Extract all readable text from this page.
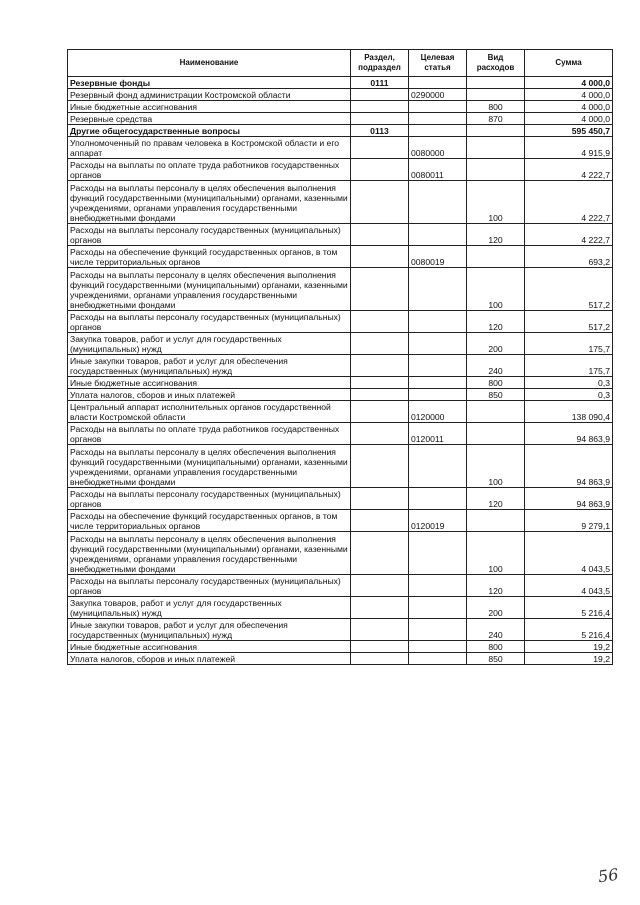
Наименование	Раздел, подраздел	Целевая статья	Вид расходов	Сумма
Резервные фонды	0111			4 000,0
Резервный фонд администрации Костромской области		0290000		4 000,0
Иные бюджетные ассигнования			800	4 000,0
Резервные средства			870	4 000,0
Другие общегосударственные вопросы	0113			595 450,7
Уполномоченный по правам человека в Костромской области и его аппарат		0080000		4 915,9
Расходы на выплаты по оплате труда работников государственных органов		0080011		4 222,7
Расходы на выплаты персоналу в целях обеспечения выполнения функций государственными (муниципальными) органами, казенными учреждениями, органами управления государственными внебюджетными фондами			100	4 222,7
Расходы на выплаты персоналу государственных (муниципальных) органов			120	4 222,7
Расходы на обеспечение функций государственных органов, в том числе территориальных органов		0080019		693,2
Расходы на выплаты персоналу в целях обеспечения выполнения функций государственными (муниципальными) органами, казенными учреждениями, органами управления государственными внебюджетными фондами			100	517,2
Расходы на выплаты персоналу государственных (муниципальных) органов			120	517,2
Закупка товаров, работ и услуг для государственных (муниципальных) нужд			200	175,7
Иные закупки товаров, работ и услуг для обеспечения государственных (муниципальных) нужд			240	175,7
Иные бюджетные ассигнования			800	0,3
Уплата налогов, сборов и иных платежей			850	0,3
Центральный аппарат исполнительных органов государственной власти Костромской области		0120000		138 090,4
Расходы на выплаты по оплате труда работников государственных органов		0120011		94 863,9
Расходы на выплаты персоналу в целях обеспечения выполнения функций государственными (муниципальными) органами, казенными учреждениями, органами управления государственными внебюджетными фондами			100	94 863,9
Расходы на выплаты персоналу государственных (муниципальных) органов			120	94 863,9
Расходы на обеспечение функций государственных органов, в том числе территориальных органов		0120019		9 279,1
Расходы на выплаты персоналу в целях обеспечения выполнения функций государственными (муниципальными) органами, казенными учреждениями, органами управления государственными внебюджетными фондами			100	4 043,5
Расходы на выплаты персоналу государственных (муниципальных) органов			120	4 043,5
Закупка товаров, работ и услуг для государственных (муниципальных) нужд			200	5 216,4
Иные закупки товаров, работ и услуг для обеспечения государственных (муниципальных) нужд			240	5 216,4
Иные бюджетные ассигнования			800	19,2
Уплата налогов, сборов и иных платежей			850	19,2
56
